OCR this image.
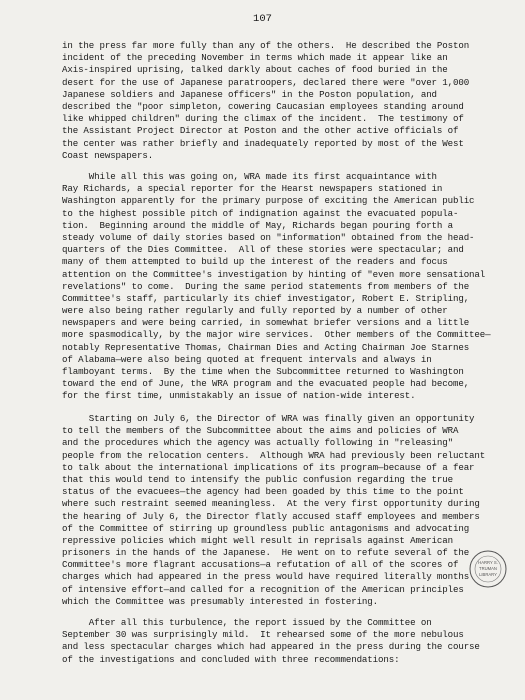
107
in the press far more fully than any of the others.  He described the Poston
incident of the preceding November in terms which made it appear like an
Axis-inspired uprising, talked darkly about caches of food buried in the
desert for the use of Japanese paratroopers, declared there were "over 1,000
Japanese soldiers and Japanese officers" in the Poston population, and
described the "poor simpleton, cowering Caucasian employees standing around
like whipped children" during the climax of the incident.  The testimony of
the Assistant Project Director at Poston and the other active officials of
the center was rather briefly and inadequately reported by most of the West
Coast newspapers.
While all this was going on, WRA made its first acquaintance with
Ray Richards, a special reporter for the Hearst newspapers stationed in
Washington apparently for the primary purpose of exciting the American public
to the highest possible pitch of indignation against the evacuated popula-
tion.  Beginning around the middle of May, Richards began pouring forth a
steady volume of daily stories based on "information" obtained from the head-
quarters of the Dies Committee.  All of these stories were spectacular; and
many of them attempted to build up the interest of the readers and focus
attention on the Committee's investigation by hinting of "even more sensational
revelations" to come.  During the same period statements from members of the
Committee's staff, particularly its chief investigator, Robert E. Stripling,
were also being rather regularly and fully reported by a number of other
newspapers and were being carried, in somewhat briefer versions and a little
more spasmodically, by the major wire services.  Other members of the Committee—
notably Representative Thomas, Chairman Dies and Acting Chairman Joe Starnes
of Alabama—were also being quoted at frequent intervals and always in
flamboyant terms.  By the time when the Subcommittee returned to Washington
toward the end of June, the WRA program and the evacuated people had become,
for the first time, unmistakably an issue of nation-wide interest.
Starting on July 6, the Director of WRA was finally given an opportunity
to tell the members of the Subcommittee about the aims and policies of WRA
and the procedures which the agency was actually following in "releasing"
people from the relocation centers.  Although WRA had previously been reluctant
to talk about the international implications of its program—because of a fear
that this would tend to intensify the public confusion regarding the true
status of the evacuees—the agency had been goaded by this time to the point
where such restraint seemed meaningless.  At the very first opportunity during
the hearing of July 6, the Director flatly accused staff employees and members
of the Committee of stirring up groundless public antagonisms and advocating
repressive policies which might well result in reprisals against American
prisoners in the hands of the Japanese.  He went on to refute several of the
Committee's more flagrant accusations—a refutation of all of the scores of
charges which had appeared in the press would have required literally months
of intensive effort—and called for a recognition of the American principles
which the Committee was presumably interested in fostering.
After all this turbulence, the report issued by the Committee on
September 30 was surprisingly mild.  It rehearsed some of the more nebulous
and less spectacular charges which had appeared in the press during the course
of the investigations and concluded with three recommendations:
HARRY S.
TRUMAN
LIBRARY
